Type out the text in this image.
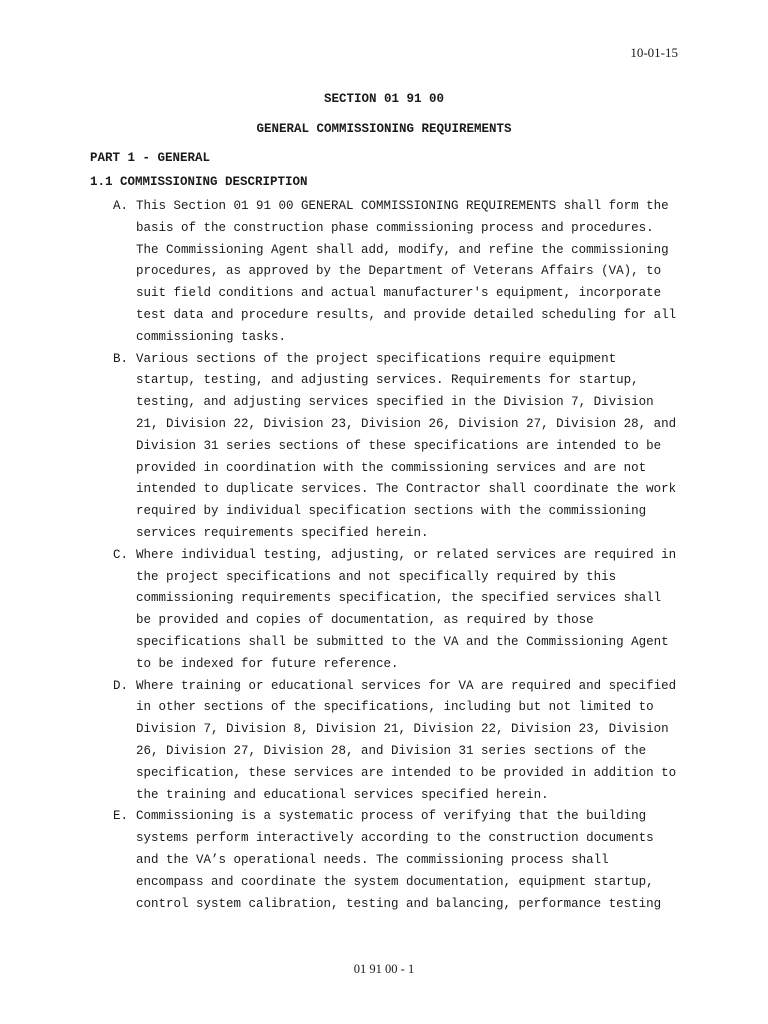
10-01-15
SECTION 01 91 00
GENERAL COMMISSIONING REQUIREMENTS
PART 1 - GENERAL
1.1 COMMISSIONING DESCRIPTION
A. This Section 01 91 00 GENERAL COMMISSIONING REQUIREMENTS shall form the
basis of the construction phase commissioning process and procedures.
The Commissioning Agent shall add, modify, and refine the commissioning
procedures, as approved by the Department of Veterans Affairs (VA), to
suit field conditions and actual manufacturer's equipment, incorporate
test data and procedure results, and provide detailed scheduling for all
commissioning tasks.
B. Various sections of the project specifications require equipment
startup, testing, and adjusting services. Requirements for startup,
testing, and adjusting services specified in the Division 7, Division
21, Division 22, Division 23, Division 26, Division 27, Division 28, and
Division 31 series sections of these specifications are intended to be
provided in coordination with the commissioning services and are not
intended to duplicate services. The Contractor shall coordinate the work
required by individual specification sections with the commissioning
services requirements specified herein.
C. Where individual testing, adjusting, or related services are required in
the project specifications and not specifically required by this
commissioning requirements specification, the specified services shall
be provided and copies of documentation, as required by those
specifications shall be submitted to the VA and the Commissioning Agent
to be indexed for future reference.
D. Where training or educational services for VA are required and specified
in other sections of the specifications, including but not limited to
Division 7, Division 8, Division 21, Division 22, Division 23, Division
26, Division 27, Division 28, and Division 31 series sections of the
specification, these services are intended to be provided in addition to
the training and educational services specified herein.
E. Commissioning is a systematic process of verifying that the building
systems perform interactively according to the construction documents
and the VA’s operational needs. The commissioning process shall
encompass and coordinate the system documentation, equipment startup,
control system calibration, testing and balancing, performance testing
01 91 00 - 1
